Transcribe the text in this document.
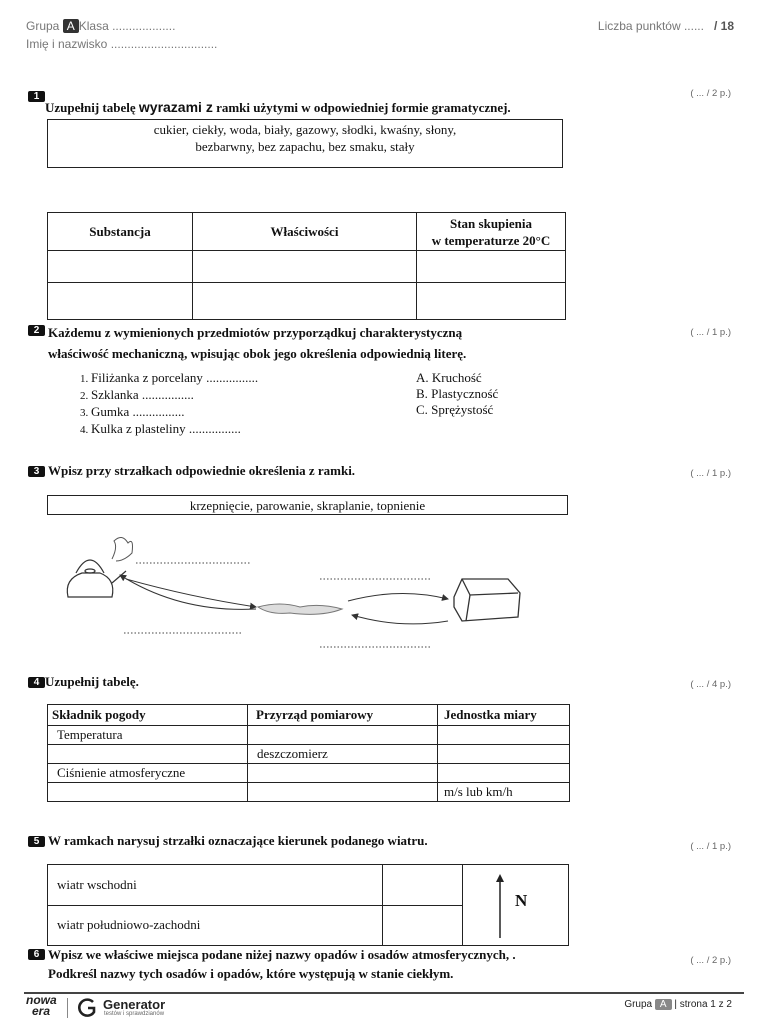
Grupa A Klasa ...................
Imię i nazwisko ................................
Liczba punktów ...... / 18
1
Uzupełnij tabelę wyrazami z ramki użytymi w odpowiedniej formie gramatycznej.
( ... / 2 p.)
cukier, ciekły, woda, biały, gazowy, słodki, kwaśny, słony,
bezbarwny, bez zapachu, bez smaku, stały
Substancja	Właściwości	Stan skupienia
w temperaturze 20°C

2 Każdemu z wymienionych przedmiotów przyporządkuj charakterystyczną
właściwość mechaniczną, wpisując obok jego określenia odpowiednią literę.
( ... / 1 p.)
1. Filiżanka z porcelany ................
2. Szklanka ................
3. Gumka ................
4. Kulka z plasteliny ................
A. Kruchość
B. Plastyczność
C. Sprężystość
3 Wpisz przy strzałkach odpowiednie określenia z ramki.	( ... / 1 p.)
krzepnięcie, parowanie, skraplanie, topnienie
4 Uzupełnij tabelę.	( ... / 4 p.)
Składnik pogody	Przyrząd pomiarowy	Jednostka miary
Temperatura		
	deszczomierz	
Ciśnienie atmosferyczne		
		m/s lub km/h
5 W ramkach narysuj strzałki oznaczające kierunek podanego wiatru.	( ... / 1 p.)
wiatr wschodni		N

wiatr południowo-zachodni		
6 Wpisz we właściwe miejsca podane niżej nazwy opadów i osadów atmosferycznych, .
Podkreśl nazwy tych osadów i opadów, które występują w stanie ciekłym.
( ... / 2 p.)
nowa
era	Generator
testów i sprawdzianów
Grupa A | strona 1 z 2
